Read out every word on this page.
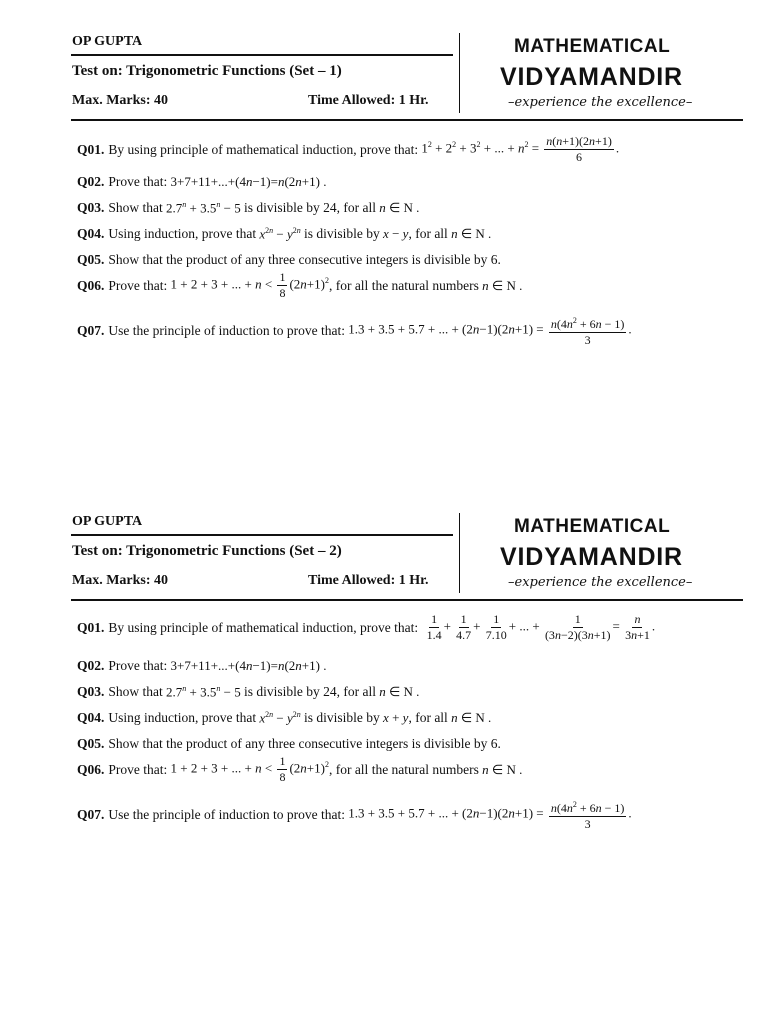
OP GUPTA
Test on: Trigonometric Functions (Set – 1)
Max. Marks: 40	Time Allowed: 1 Hr.
MATHEMATICAL
VIDYAMANDIR
–experience the excellence–
Q01. By using principle of mathematical induction, prove that: $1^2 + 2^2 + 3^2$ + ... + $n^2 = \frac{n(n+1)(2n+1)}{6}$ .
Q02. Prove that: 3+7+11+...+(4n−1)=n(2n+1) .
Q03. Show that $2.7^n + 3.5^n - 5$ is divisible by 24, for all n ∈ N .
Q04. Using induction, prove that $x^{2n} - y^{2n}$ is divisible by x − y , for all n ∈ N .
Q05. Show that the product of any three consecutive integers is divisible by 6.
Q06. Prove that: 1 + 2 + 3 + ... + $n < \frac{1}{8} (2n+1)^2$ , for all the natural numbers n ∈ N .
Q07. Use the principle of induction to prove that: 1.3 + 3.5 + 5.7 + ... + $(2n-1)(2n+1) = \frac{n(4n^2 + 6n - 1)}{3}$ .
OP GUPTA
Test on: Trigonometric Functions (Set – 2)
Max. Marks: 40	Time Allowed: 1 Hr.
MATHEMATICAL
VIDYAMANDIR
–experience the excellence–
Q01. By using principle of mathematical induction, prove that:
$\frac{1}{1.4} + \frac{1}{4.7} + \frac{1}{7.10}$ + ... + $\frac{1}{(3n-2)(3n+1)} = \frac{n}{3n+1}$ .
Q02. Prove that: 3+7+11+...+(4n−1)=n(2n+1) .
Q03. Show that $2.7^n + 3.5^n - 5$ is divisible by 24, for all n ∈ N .
Q04. Using induction, prove that $x^{2n} - y^{2n}$ is divisible by x + y , for all n ∈ N .
Q05. Show that the product of any three consecutive integers is divisible by 6.
Q06. Prove that: 1 + 2 + 3 + ... + $n < \frac{1}{8} (2n+1)^2$ , for all the natural numbers n ∈ N .
Q07. Use the principle of induction to prove that: 1.3 + 3.5 + 5.7 + ... + $(2n-1)(2n+1) = \frac{n(4n^2 + 6n - 1)}{3}$ .
